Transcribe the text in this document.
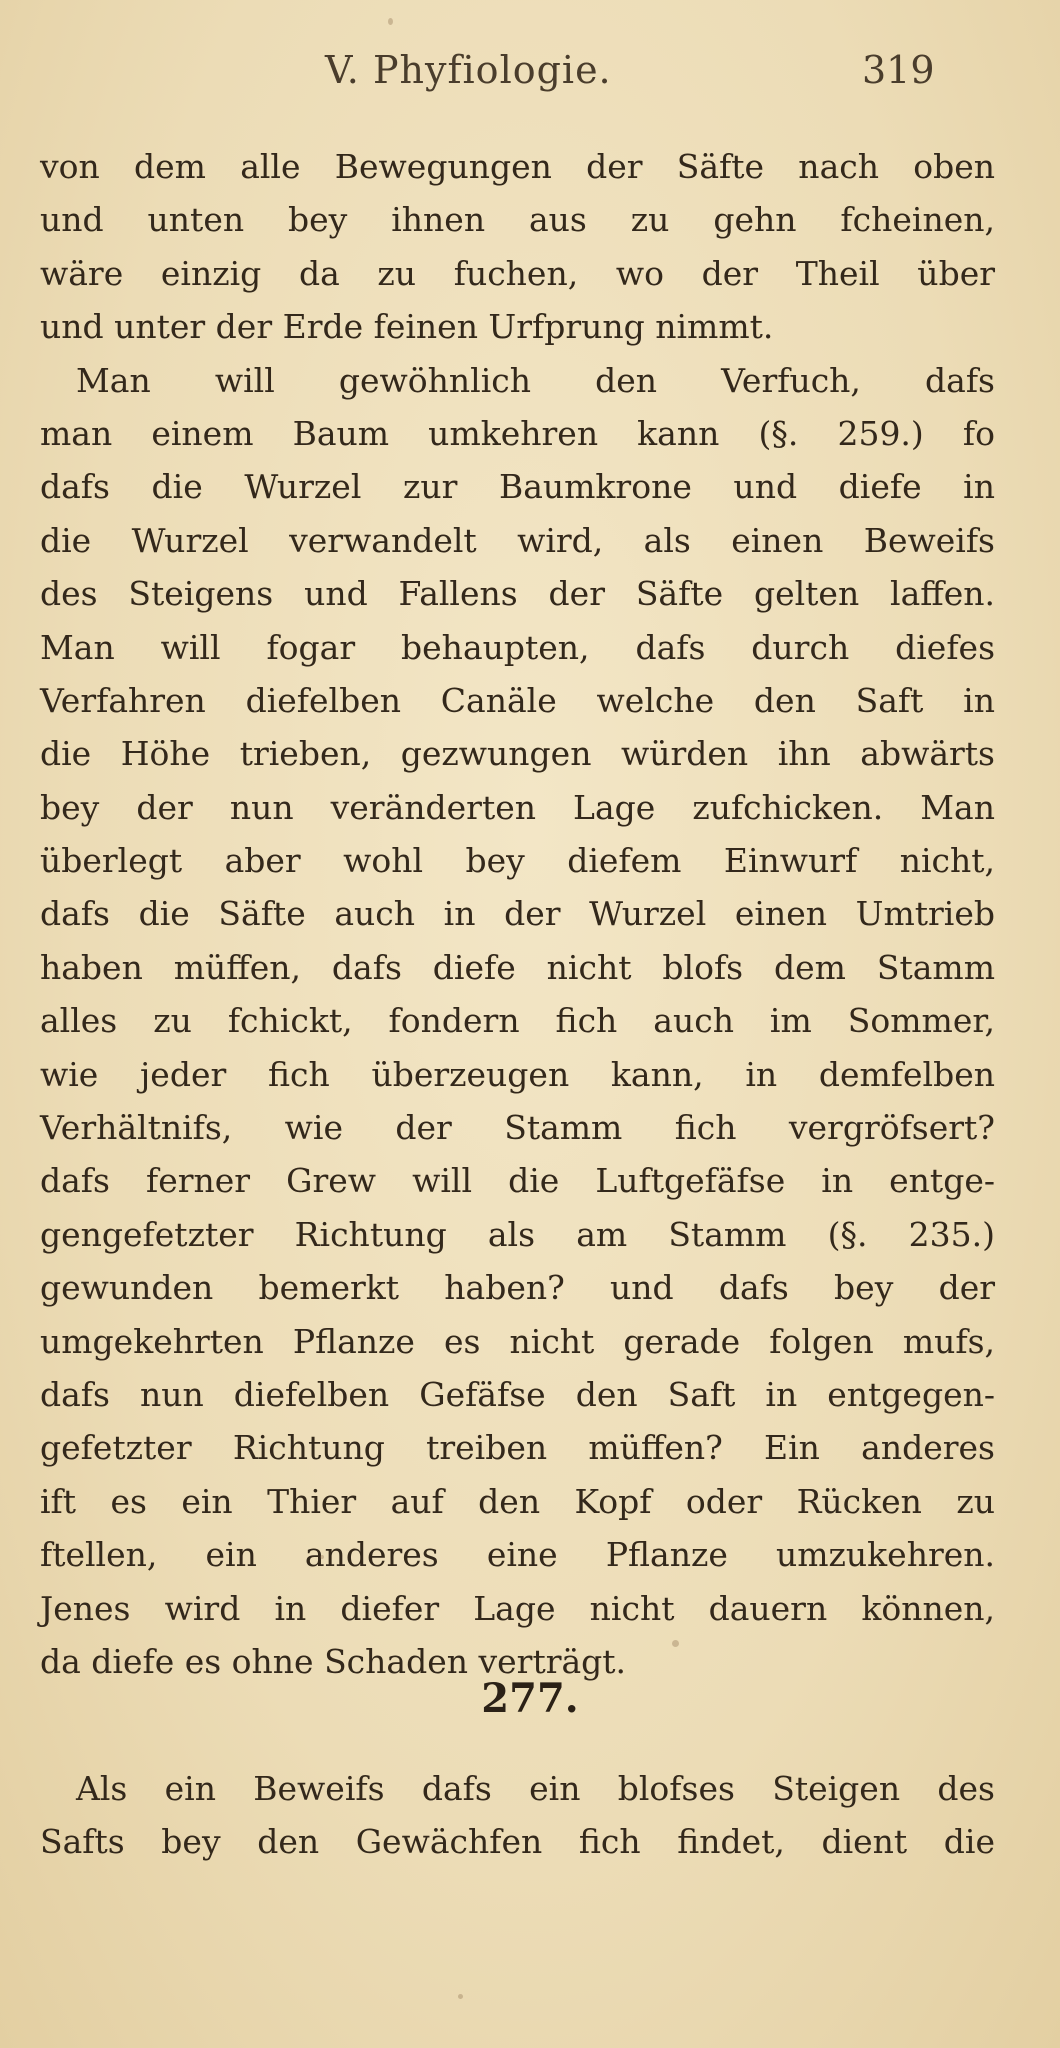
V. Phyfiologie.	319
von dem alle Bewegungen der Säfte nach oben
und unten bey ihnen aus zu gehn fcheinen,
wäre einzig da zu fuchen, wo der Theil über
und unter der Erde feinen Urfprung nimmt.
Man will gewöhnlich den Verfuch, dafs
man einem Baum umkehren kann (§. 259.) fo
dafs die Wurzel zur Baumkrone und diefe in
die Wurzel verwandelt wird, als einen Beweifs
des Steigens und Fallens der Säfte gelten laffen.
Man will fogar behaupten, dafs durch diefes
Verfahren diefelben Canäle welche den Saft in
die Höhe trieben, gezwungen würden ihn abwärts
bey der nun veränderten Lage zufchicken. Man
überlegt aber wohl bey diefem Einwurf nicht,
dafs die Säfte auch in der Wurzel einen Umtrieb
haben müffen, dafs diefe nicht blofs dem Stamm
alles zu fchickt, fondern fich auch im Sommer,
wie jeder fich überzeugen kann, in demfelben
Verhältnifs, wie der Stamm fich vergröfsert?
dafs ferner Grew will die Luftgefäfse in entge-
gengefetzter Richtung als am Stamm (§. 235.)
gewunden bemerkt haben? und dafs bey der
umgekehrten Pflanze es nicht gerade folgen mufs,
dafs nun diefelben Gefäfse den Saft in entgegen-
gefetzter Richtung treiben müffen? Ein anderes
ift es ein Thier auf den Kopf oder Rücken zu
ftellen, ein anderes eine Pflanze umzukehren.
Jenes wird in diefer Lage nicht dauern können,
da diefe es ohne Schaden verträgt.
277.
Als ein Beweifs dafs ein blofses Steigen des
Safts bey den Gewächfen fich findet, dient die
